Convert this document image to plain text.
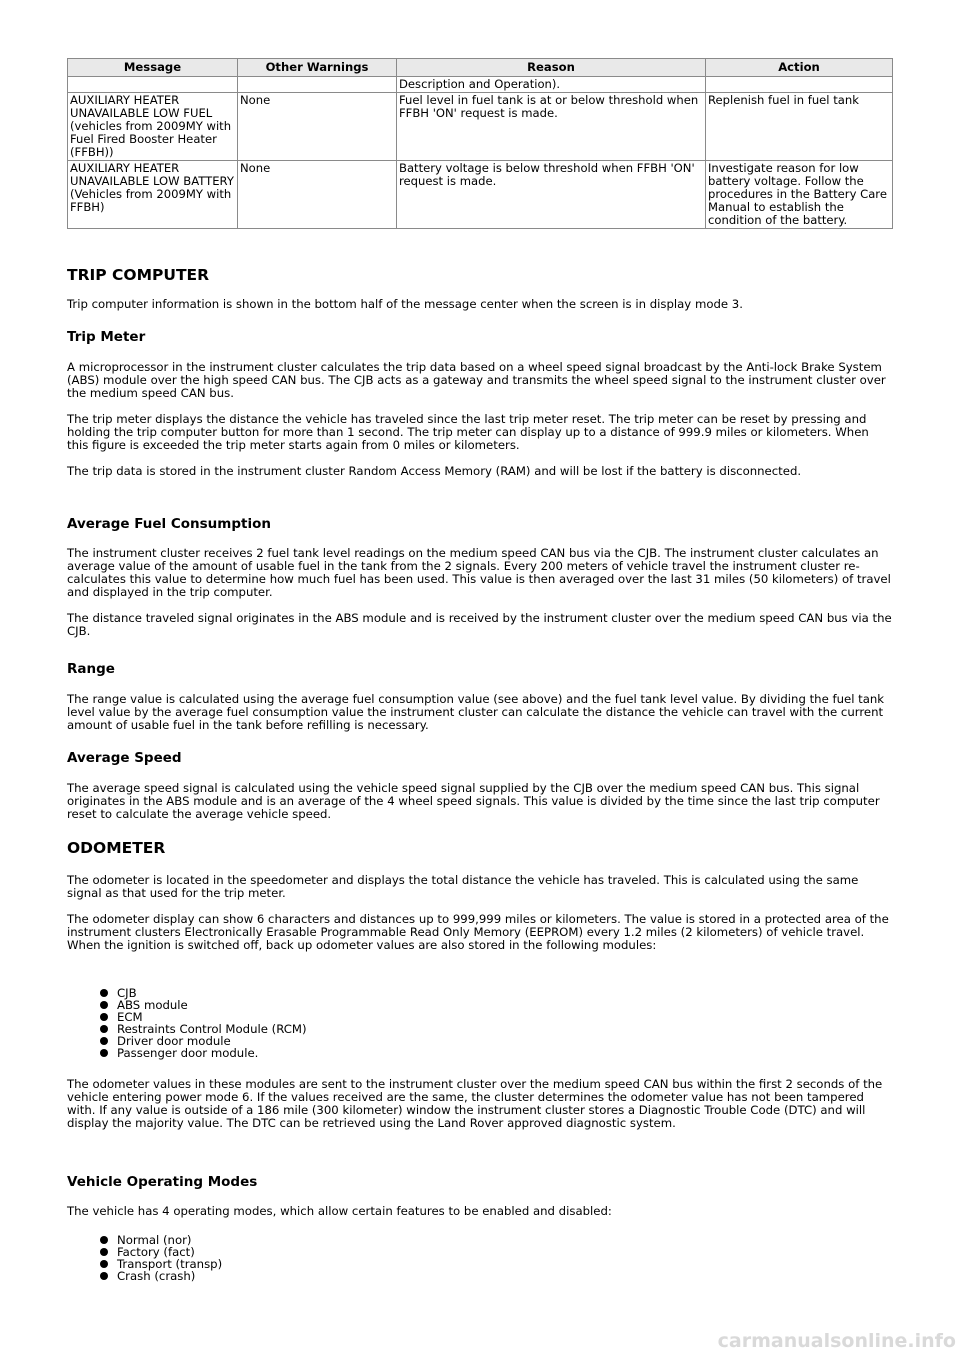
Message	Other Warnings	Reason	Action
		Description and Operation).	
AUXILIARY HEATER UNAVAILABLE LOW FUEL (vehicles from 2009MY with Fuel Fired Booster Heater (FFBH))	None	Fuel level in fuel tank is at or below threshold when FFBH 'ON' request is made.	Replenish fuel in fuel tank
AUXILIARY HEATER UNAVAILABLE LOW BATTERY (Vehicles from 2009MY with FFBH)	None	Battery voltage is below threshold when FFBH 'ON' request is made.	Investigate reason for low battery voltage. Follow the procedures in the Battery Care Manual to establish the condition of the battery.
TRIP COMPUTER

Trip computer information is shown in the bottom half of the message center when the screen is in display mode 3.

Trip Meter

A microprocessor in the instrument cluster calculates the trip data based on a wheel speed signal broadcast by the Anti-lock Brake System (ABS) module over the high speed CAN bus. The CJB acts as a gateway and transmits the wheel speed signal to the instrument cluster over the medium speed CAN bus.

The trip meter displays the distance the vehicle has traveled since the last trip meter reset. The trip meter can be reset by pressing and holding the trip computer button for more than 1 second. The trip meter can display up to a distance of 999.9 miles or kilometers. When this figure is exceeded the trip meter starts again from 0 miles or kilometers.

The trip data is stored in the instrument cluster Random Access Memory (RAM) and will be lost if the battery is disconnected.

Average Fuel Consumption

The instrument cluster receives 2 fuel tank level readings on the medium speed CAN bus via the CJB. The instrument cluster calculates an average value of the amount of usable fuel in the tank from the 2 signals. Every 200 meters of vehicle travel the instrument cluster re-calculates this value to determine how much fuel has been used. This value is then averaged over the last 31 miles (50 kilometers) of travel and displayed in the trip computer.

The distance traveled signal originates in the ABS module and is received by the instrument cluster over the medium speed CAN bus via the CJB.

Range

The range value is calculated using the average fuel consumption value (see above) and the fuel tank level value. By dividing the fuel tank level value by the average fuel consumption value the instrument cluster can calculate the distance the vehicle can travel with the current amount of usable fuel in the tank before refilling is necessary.

Average Speed

The average speed signal is calculated using the vehicle speed signal supplied by the CJB over the medium speed CAN bus. This signal originates in the ABS module and is an average of the 4 wheel speed signals. This value is divided by the time since the last trip computer reset to calculate the average vehicle speed.

ODOMETER

The odometer is located in the speedometer and displays the total distance the vehicle has traveled. This is calculated using the same signal as that used for the trip meter.

The odometer display can show 6 characters and distances up to 999,999 miles or kilometers. The value is stored in a protected area of the instrument clusters Electronically Erasable Programmable Read Only Memory (EEPROM) every 1.2 miles (2 kilometers) of vehicle travel. When the ignition is switched off, back up odometer values are also stored in the following modules:

CJB
ABS module
ECM
Restraints Control Module (RCM)
Driver door module
Passenger door module.

The odometer values in these modules are sent to the instrument cluster over the medium speed CAN bus within the first 2 seconds of the vehicle entering power mode 6. If the values received are the same, the cluster determines the odometer value has not been tampered with. If any value is outside of a 186 mile (300 kilometer) window the instrument cluster stores a Diagnostic Trouble Code (DTC) and will display the majority value. The DTC can be retrieved using the Land Rover approved diagnostic system.

Vehicle Operating Modes

The vehicle has 4 operating modes, which allow certain features to be enabled and disabled:

Normal (nor)
Factory (fact)
Transport (transp)
Crash (crash)
carmanualsonline.info
